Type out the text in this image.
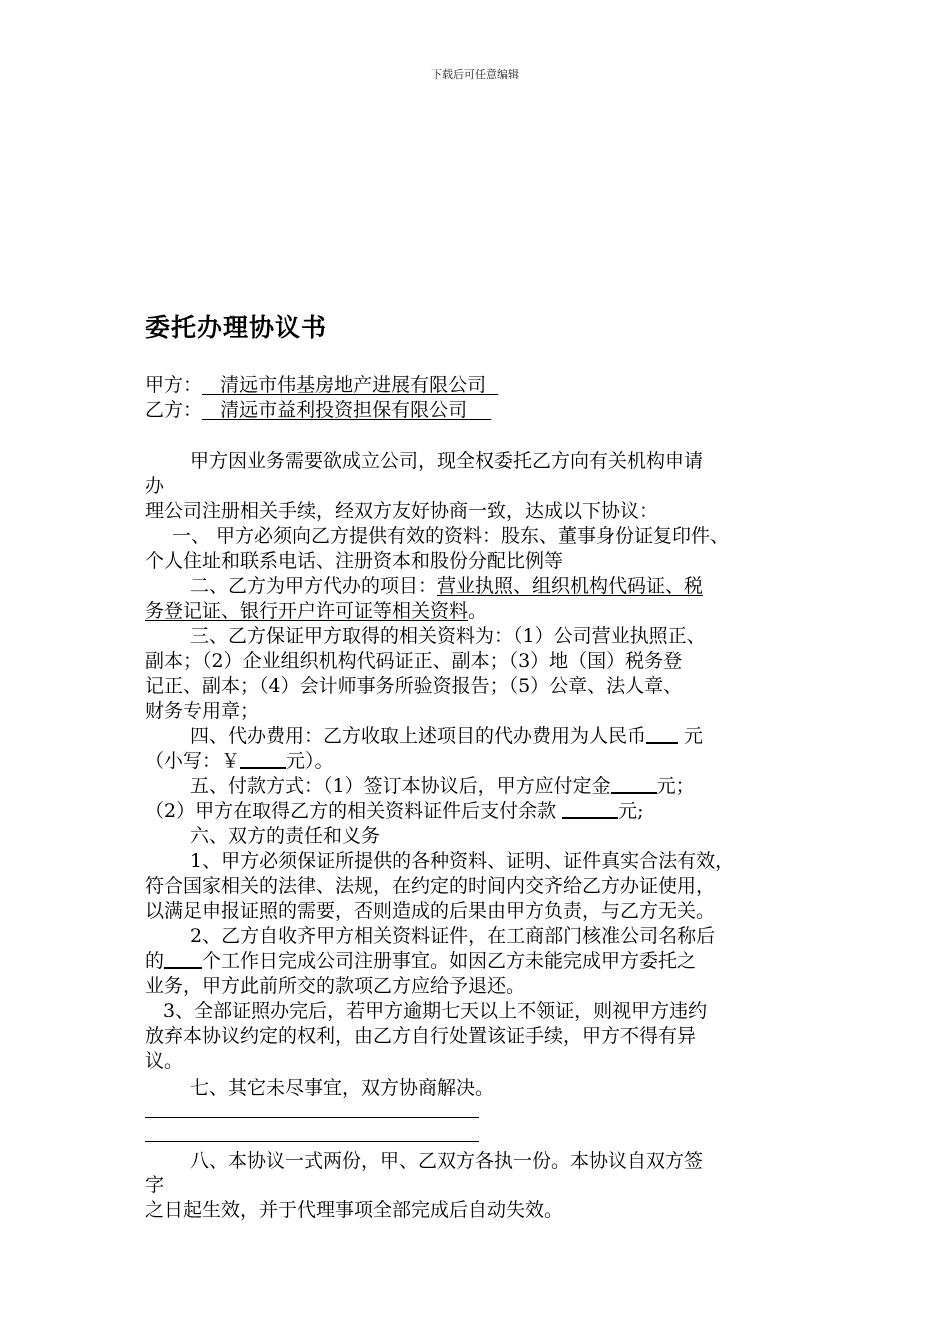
下载后可任意编辑
委托办理协议书
甲方： 清远市伟基房地产进展有限公司
乙方： 清远市益利投资担保有限公司
甲方因业务需要欲成立公司，现全权委托乙方向有关机构申请
办
理公司注册相关手续，经双方友好协商一致，达成以下协议：
一、 甲方必须向乙方提供有效的资料：股东、董事身份证复印件、
个人住址和联系电话、注册资本和股份分配比例等
二、乙方为甲方代办的项目：营业执照、组织机构代码证、税
务登记证、银行开户许可证等相关资料。
三、乙方保证甲方取得的相关资料为：（1）公司营业执照正、
副本；（2）企业组织机构代码证正、副本；（3）地（国）税务登
记正、副本；（4）会计师事务所验资报告；（5）公章、法人章、
财务专用章；
四、代办费用：乙方收取上述项目的代办费用为人民币 元
（小写：￥ 元）。
五、付款方式：（1）签订本协议后，甲方应付定金 元；
（2）甲方在取得乙方的相关资料证件后支付余款	元;
六、双方的责任和义务
1、甲方必须保证所提供的各种资料、证明、证件真实合法有效，
符合国家相关的法律、法规，在约定的时间内交齐给乙方办证使用，
以满足申报证照的需要，否则造成的后果由甲方负责，与乙方无关。
2、乙方自收齐甲方相关资料证件，在工商部门核准公司名称后
的 个工作日完成公司注册事宜。如因乙方未能完成甲方委托之
业务，甲方此前所交的款项乙方应给予退还。
3、全部证照办完后，若甲方逾期七天以上不领证，则视甲方违约
放弃本协议约定的权利，由乙方自行处置该证手续，甲方不得有异
议。
七、其它未尽事宜，双方协商解决。
八、本协议一式两份，甲、乙双方各执一份。本协议自双方签
字
之日起生效，并于代理事项全部完成后自动失效。
